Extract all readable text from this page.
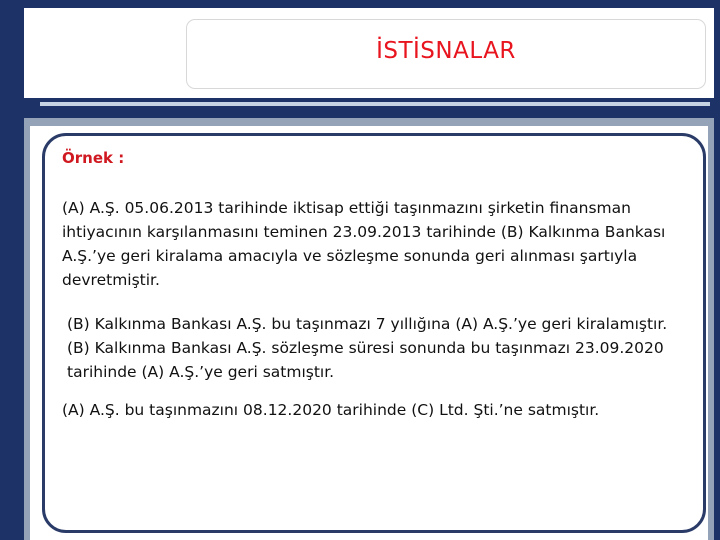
İSTİSNALAR
Örnek :
(A) A.Ş. 05.06.2013 tarihinde iktisap ettiği taşınmazını şirketin finansman
ihtiyacının karşılanmasını teminen 23.09.2013 tarihinde (B) Kalkınma Bankası
A.Ş.’ye geri kiralama amacıyla ve sözleşme sonunda geri alınması şartıyla
devretmiştir.
(B) Kalkınma Bankası A.Ş. bu taşınmazı 7 yıllığına (A) A.Ş.’ye geri kiralamıştır.
(B) Kalkınma Bankası A.Ş. sözleşme süresi sonunda bu taşınmazı 23.09.2020
tarihinde (A) A.Ş.’ye geri satmıştır.
(A) A.Ş. bu taşınmazını 08.12.2020 tarihinde (C) Ltd. Şti.’ne satmıştır.
